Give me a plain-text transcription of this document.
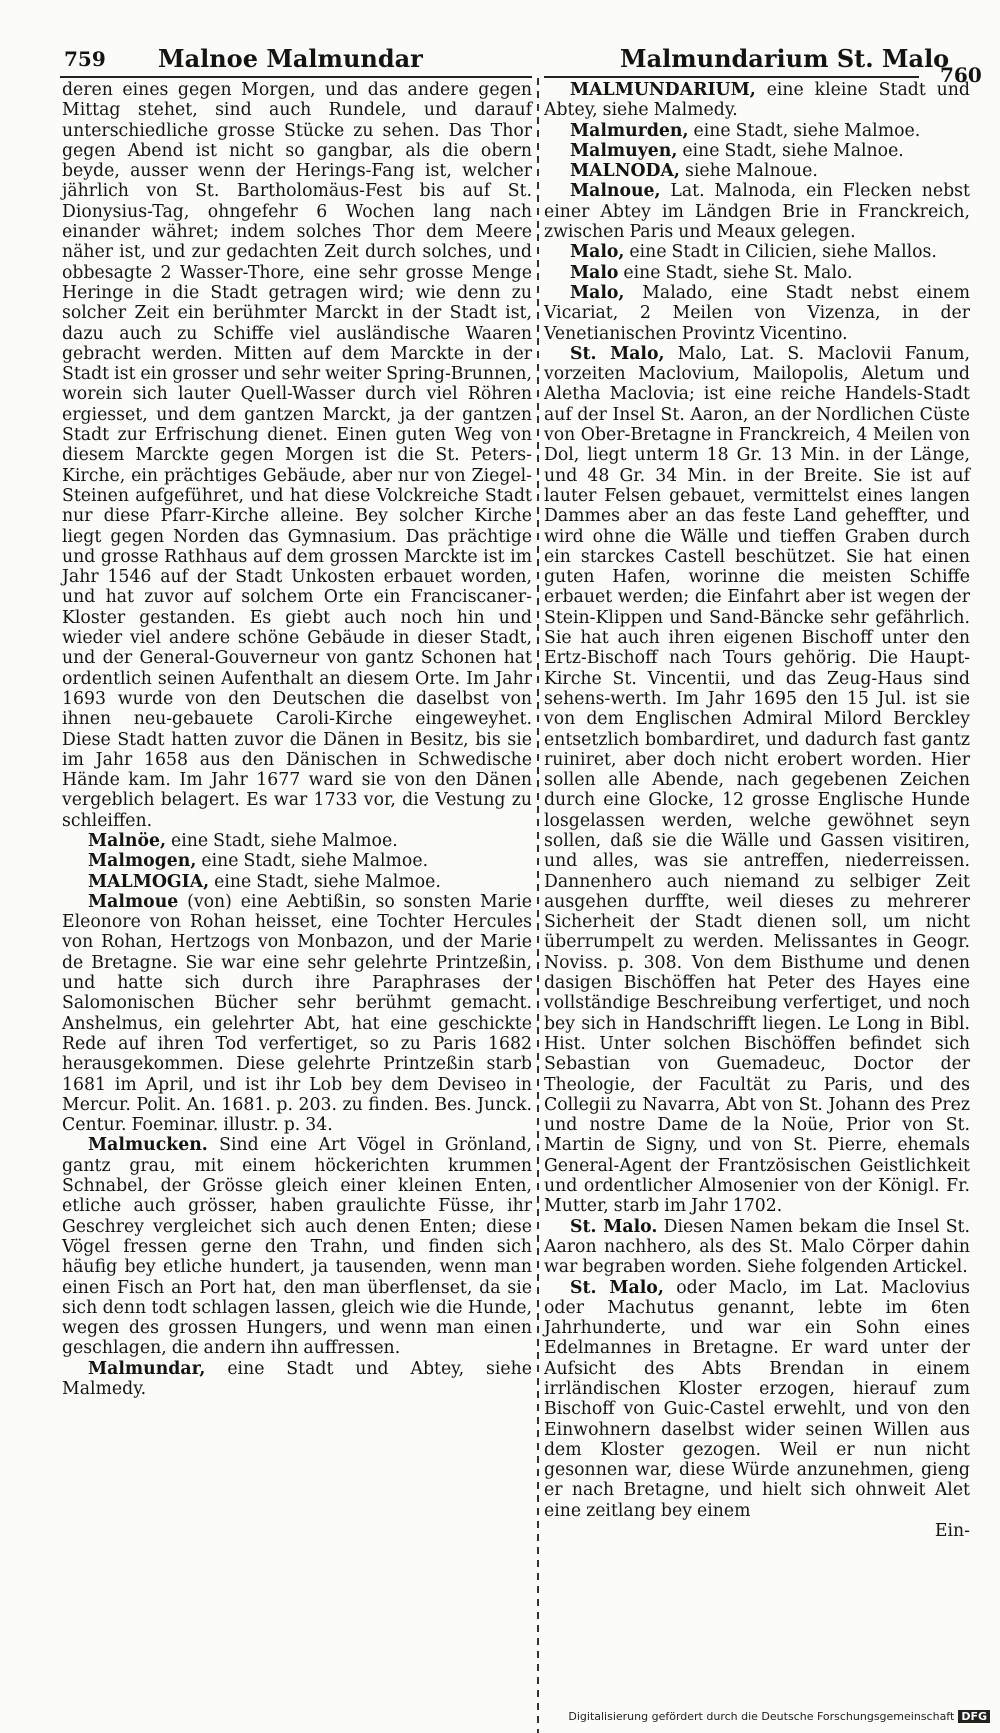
759 Malnoe Malmundar	Malmundarium St. Malo
760

deren eines gegen Morgen, und das andere gegen Mittag stehet, sind auch Rundele, und darauf unterschiedliche grosse Stücke zu sehen. Das Thor gegen Abend ist nicht so gangbar, als die obern beyde, ausser wenn der Herings-Fang ist, welcher jährlich von St. Bartholomäus-Fest bis auf St. Dionysius-Tag, ohngefehr 6 Wochen lang nach einander währet; indem solches Thor dem Meere näher ist, und zur gedachten Zeit durch solches, und obbesagte 2 Wasser-Thore, eine sehr grosse Menge Heringe in die Stadt getragen wird; wie denn zu solcher Zeit ein berühmter Marckt in der Stadt ist, dazu auch zu Schiffe viel ausländische Waaren gebracht werden. Mitten auf dem Marckte in der Stadt ist ein grosser und sehr weiter Spring-Brunnen, worein sich lauter Quell-Wasser durch viel Röhren ergiesset, und dem gantzen Marckt, ja der gantzen Stadt zur Erfrischung dienet. Einen guten Weg von diesem Marckte gegen Morgen ist die St. Peters-Kirche, ein prächtiges Gebäude, aber nur von Ziegel-Steinen aufgeführet, und hat diese Volckreiche Stadt nur diese Pfarr-Kirche alleine. Bey solcher Kirche liegt gegen Norden das Gymnasium. Das prächtige und grosse Rathhaus auf dem grossen Marckte ist im Jahr 1546 auf der Stadt Unkosten erbauet worden, und hat zuvor auf solchem Orte ein Franciscaner-Kloster gestanden. Es giebt auch noch hin und wieder viel andere schöne Gebäude in dieser Stadt, und der General-Gouverneur von gantz Schonen hat ordentlich seinen Aufenthalt an diesem Orte. Im Jahr 1693 wurde von den Deutschen die daselbst von ihnen neu-gebauete Caroli-Kirche eingeweyhet. Diese Stadt hatten zuvor die Dänen in Besitz, bis sie im Jahr 1658 aus den Dänischen in Schwedische Hände kam. Im Jahr 1677 ward sie von den Dänen vergeblich belagert. Es war 1733 vor, die Vestung zu schleiffen.

Malnöe, eine Stadt, siehe Malmoe.

Malmogen, eine Stadt, siehe Malmoe.

MALMOGIA, eine Stadt, siehe Malmoe.

Malmoue (von) eine Aebtißin, so sonsten Marie Eleonore von Rohan heisset, eine Tochter Hercules von Rohan, Hertzogs von Monbazon, und der Marie de Bretagne. Sie war eine sehr gelehrte Printzeßin, und hatte sich durch ihre Paraphrases der Salomonischen Bücher sehr berühmt gemacht. Anshelmus, ein gelehrter Abt, hat eine geschickte Rede auf ihren Tod verfertiget, so zu Paris 1682 herausgekommen. Diese gelehrte Printzeßin starb 1681 im April, und ist ihr Lob bey dem Deviseo in Mercur. Polit. An. 1681. p. 203. zu finden. Bes. Junck. Centur. Foeminar. illustr. p. 34.

Malmucken. Sind eine Art Vögel in Grönland, gantz grau, mit einem höckerichten krummen Schnabel, der Grösse gleich einer kleinen Enten, etliche auch grösser, haben graulichte Füsse, ihr Geschrey vergleichet sich auch denen Enten; diese Vögel fressen gerne den Trahn, und finden sich häufig bey etliche hundert, ja tausenden, wenn man einen Fisch an Port hat, den man überflenset, da sie sich denn todt schlagen lassen, gleich wie die Hunde, wegen des grossen Hungers, und wenn man einen geschlagen, die andern ihn auffressen.

Malmundar, eine Stadt und Abtey, siehe Malmedy.

MALMUNDARIUM, eine kleine Stadt und Abtey, siehe Malmedy.

Malmurden, eine Stadt, siehe Malmoe.

Malmuyen, eine Stadt, siehe Malnoe.

MALNODA, siehe Malnoue.

Malnoue, Lat. Malnoda, ein Flecken nebst einer Abtey im Ländgen Brie in Franckreich, zwischen Paris und Meaux gelegen.

Malo, eine Stadt in Cilicien, siehe Mallos.

Malo eine Stadt, siehe St. Malo.

Malo, Malado, eine Stadt nebst einem Vicariat, 2 Meilen von Vizenza, in der Venetianischen Provintz Vicentino.

St. Malo, Malo, Lat. S. Maclovii Fanum, vorzeiten Maclovium, Mailopolis, Aletum und Aletha Maclovia; ist eine reiche Handels-Stadt auf der Insel St. Aaron, an der Nordlichen Cüste von Ober-Bretagne in Franckreich, 4 Meilen von Dol, liegt unterm 18 Gr. 13 Min. in der Länge, und 48 Gr. 34 Min. in der Breite. Sie ist auf lauter Felsen gebauet, vermittelst eines langen Dammes aber an das feste Land geheffter, und wird ohne die Wälle und tieffen Graben durch ein starckes Castell beschützet. Sie hat einen guten Hafen, worinne die meisten Schiffe erbauet werden; die Einfahrt aber ist wegen der Stein-Klippen und Sand-Bäncke sehr gefährlich. Sie hat auch ihren eigenen Bischoff unter den Ertz-Bischoff nach Tours gehörig. Die Haupt-Kirche St. Vincentii, und das Zeug-Haus sind sehens-werth. Im Jahr 1695 den 15 Jul. ist sie von dem Englischen Admiral Milord Berckley entsetzlich bombardiret, und dadurch fast gantz ruiniret, aber doch nicht erobert worden. Hier sollen alle Abende, nach gegebenen Zeichen durch eine Glocke, 12 grosse Englische Hunde losgelassen werden, welche gewöhnet seyn sollen, daß sie die Wälle und Gassen visitiren, und alles, was sie antreffen, niederreissen. Dannenhero auch niemand zu selbiger Zeit ausgehen durffte, weil dieses zu mehrerer Sicherheit der Stadt dienen soll, um nicht überrumpelt zu werden. Melissantes in Geogr. Noviss. p. 308. Von dem Bisthume und denen dasigen Bischöffen hat Peter des Hayes eine vollständige Beschreibung verfertiget, und noch bey sich in Handschrifft liegen. Le Long in Bibl. Hist. Unter solchen Bischöffen befindet sich Sebastian von Guemadeuc, Doctor der Theologie, der Facultät zu Paris, und des Collegii zu Navarra, Abt von St. Johann des Prez und nostre Dame de la Noüe, Prior von St. Martin de Signy, und von St. Pierre, ehemals General-Agent der Frantzösischen Geistlichkeit und ordentlicher Almosenier von der Königl. Fr. Mutter, starb im Jahr 1702.

St. Malo. Diesen Namen bekam die Insel St. Aaron nachhero, als des St. Malo Cörper dahin war begraben worden. Siehe folgenden Artickel.

St. Malo, oder Maclo, im Lat. Maclovius oder Machutus genannt, lebte im 6ten Jahrhunderte, und war ein Sohn eines Edelmannes in Bretagne. Er ward unter der Aufsicht des Abts Brendan in einem irrländischen Kloster erzogen, hierauf zum Bischoff von Guic-Castel erwehlt, und von den Einwohnern daselbst wider seinen Willen aus dem Kloster gezogen. Weil er nun nicht gesonnen war, diese Würde anzunehmen, gieng er nach Bretagne, und hielt sich ohnweit Alet eine zeitlang bey einem

Ein-

Digitalisierung gefördert durch die Deutsche Forschungsgemeinschaft DFG
